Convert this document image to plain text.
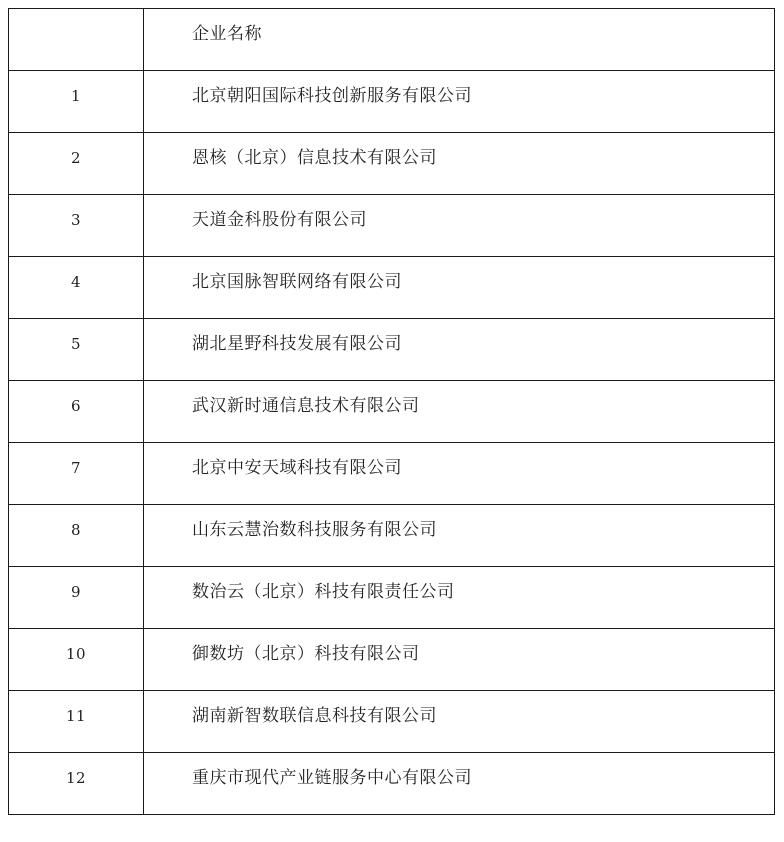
	企业名称

1	北京朝阳国际科技创新服务有限公司

2	恩核（北京）信息技术有限公司

3	天道金科股份有限公司

4	北京国脉智联网络有限公司

5	湖北星野科技发展有限公司

6	武汉新时通信息技术有限公司

7	北京中安天域科技有限公司

8	山东云慧治数科技服务有限公司

9	数治云（北京）科技有限责任公司

10	御数坊（北京）科技有限公司

11	湖南新智数联信息科技有限公司

12	重庆市现代产业链服务中心有限公司
